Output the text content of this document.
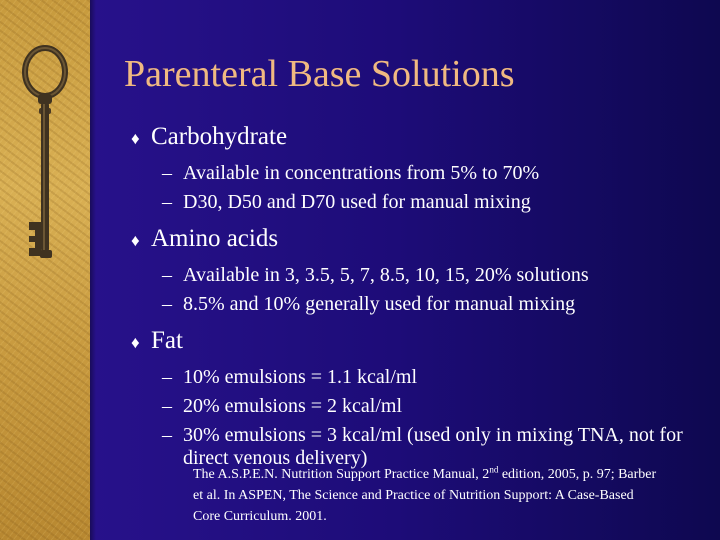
Parenteral Base Solutions
♦ Carbohydrate
– Available in concentrations from 5% to 70%
– D30, D50 and D70 used for manual mixing
♦ Amino acids
– Available in 3, 3.5, 5, 7, 8.5, 10, 15, 20% solutions
– 8.5% and 10% generally used for manual mixing
♦ Fat
– 10% emulsions = 1.1 kcal/ml
– 20% emulsions = 2 kcal/ml
– 30% emulsions = 3 kcal/ml (used only in mixing TNA, not for direct venous delivery)
The A.S.P.E.N. Nutrition Support Practice Manual, 2nd edition, 2005, p. 97; Barber et al. In ASPEN, The Science and Practice of Nutrition Support: A Case-Based Core Curriculum. 2001.
